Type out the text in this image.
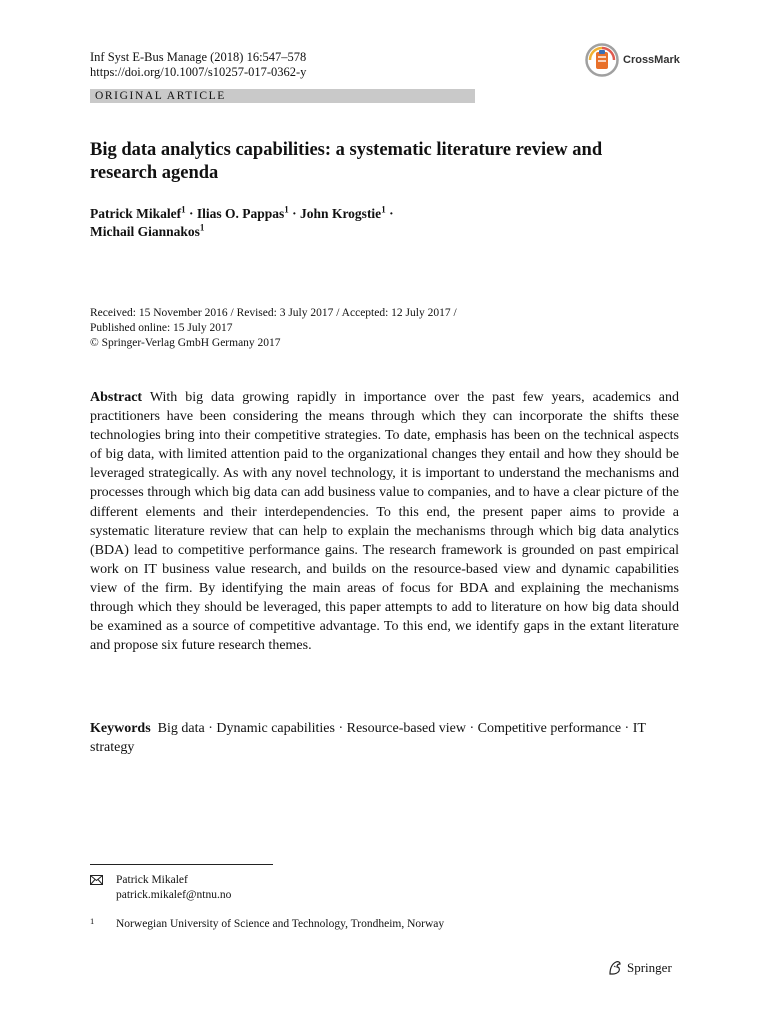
Inf Syst E-Bus Manage (2018) 16:547–578
https://doi.org/10.1007/s10257-017-0362-y
CrossMark
ORIGINAL ARTICLE
Big data analytics capabilities: a systematic literature review and research agenda
Patrick Mikalef$^1$ · Ilias O. Pappas$^1$ · John Krogstie$^1$ ·
Michail Giannakos$^1$
Received: 15 November 2016 / Revised: 3 July 2017 / Accepted: 12 July 2017 /
Published online: 15 July 2017
© Springer-Verlag GmbH Germany 2017

Abstract With big data growing rapidly in importance over the past few years, academics and practitioners have been considering the means through which they can incorporate the shifts these technologies bring into their competitive strategies. To date, emphasis has been on the technical aspects of big data, with limited attention paid to the organizational changes they entail and how they should be leveraged strategically. As with any novel technology, it is important to understand the mechanisms and processes through which big data can add business value to companies, and to have a clear picture of the different elements and their interdependencies. To this end, the present paper aims to provide a systematic literature review that can help to explain the mechanisms through which big data analytics (BDA) lead to competitive performance gains. The research framework is grounded on past empirical work on IT business value research, and builds on the resource-based view and dynamic capabilities view of the firm. By identifying the main areas of focus for BDA and explaining the mechanisms through which they should be leveraged, this paper attempts to add to literature on how big data should be examined as a source of competitive advantage. To this end, we identify gaps in the extant literature and propose six future research themes.

Keywords Big data · Dynamic capabilities · Resource-based view · Competitive performance · IT strategy

Patrick Mikalef
patrick.mikalef@ntnu.no
1	Norwegian University of Science and Technology, Trondheim, Norway
Springer
